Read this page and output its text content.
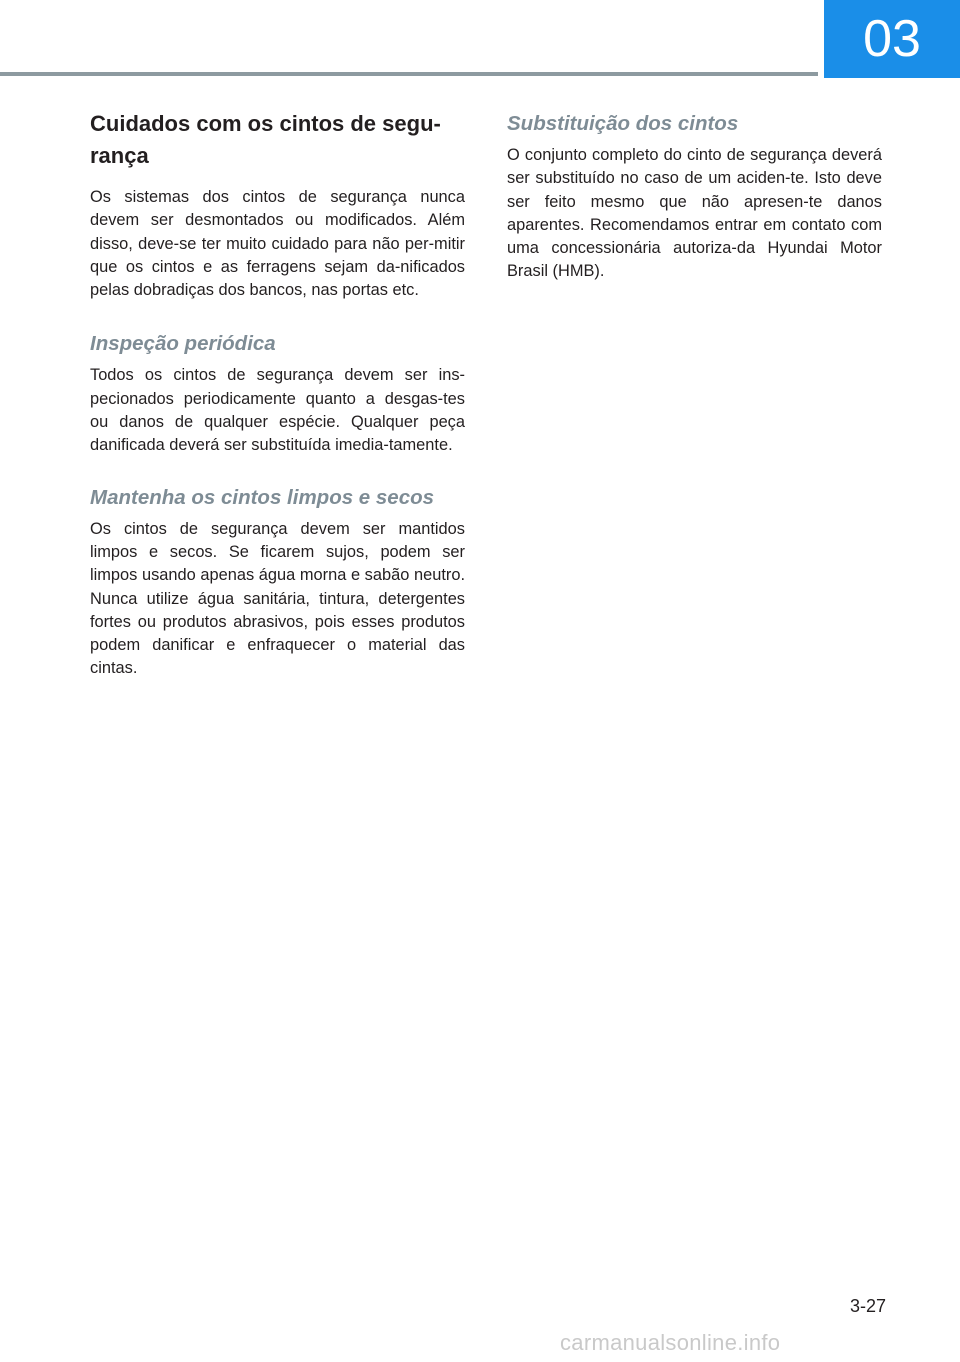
03
Cuidados com os cintos de segu-rança

Os sistemas dos cintos de segurança nunca devem ser desmontados ou modificados. Além disso, deve-se ter muito cuidado para não per-mitir que os cintos e as ferragens sejam da-nificados pelas dobradiças dos bancos, nas portas etc.

Inspeção periódica

Todos os cintos de segurança devem ser ins-pecionados periodicamente quanto a desgas-tes ou danos de qualquer espécie. Qualquer peça danificada deverá ser substituída imedia-tamente.

Mantenha os cintos limpos e secos

Os cintos de segurança devem ser mantidos limpos e secos. Se ficarem sujos, podem ser limpos usando apenas água morna e sabão neutro. Nunca utilize água sanitária, tintura, detergentes fortes ou produtos abrasivos, pois esses produtos podem danificar e enfraquecer o material das cintas.

Substituição dos cintos

O conjunto completo do cinto de segurança deverá ser substituído no caso de um aciden-te. Isto deve ser feito mesmo que não apresen-te danos aparentes. Recomendamos entrar em contato com uma concessionária autoriza-da Hyundai Motor Brasil (HMB).

3-27
carmanualsonline.info
